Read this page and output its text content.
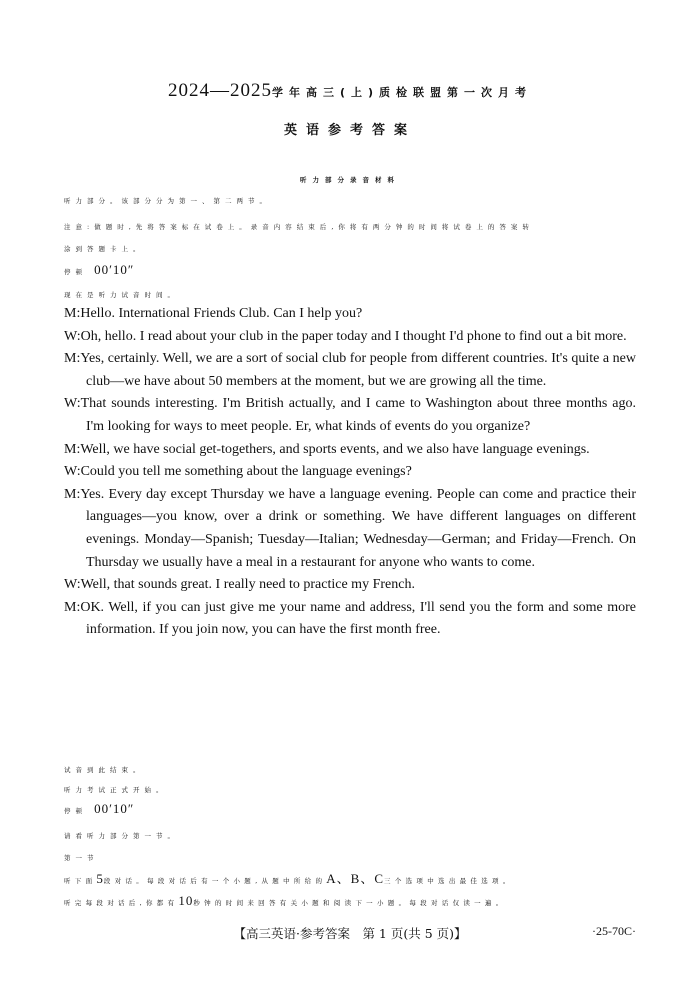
2024—2025学年高三(上)质检联盟第一次月考
英语参考答案
听力部分录音材料
听力部分。该部分分为第一、第二两节。
注意:做题时,先将答案标在试卷上。录音内容结束后,你将有两分钟的时间将试卷上的答案转
涂到答题卡上。
停顿 00′10″
现在是听力试音时间。

M:Hello. International Friends Club. Can I help you?

W:Oh, hello. I read about your club in the paper today and I thought I'd phone to find out a bit more.

M:Yes, certainly. Well, we are a sort of social club for people from different countries. It's quite a new club—we have about 50 members at the moment, but we are growing all the time.

W:That sounds interesting. I'm British actually, and I came to Washington about three months ago. I'm looking for ways to meet people. Er, what kinds of events do you organize?

M:Well, we have social get-togethers, and sports events, and we also have language evenings.

W:Could you tell me something about the language evenings?

M:Yes. Every day except Thursday we have a language evening. People can come and practice their languages—you know, over a drink or something. We have different languages on different evenings. Monday—Spanish; Tuesday—Italian; Wednesday—German; and Friday—French. On Thursday we usually have a meal in a restaurant for anyone who wants to come.

W:Well, that sounds great. I really need to practice my French.

M:OK. Well, if you can just give me your name and address, I'll send you the form and some more information. If you join now, you can have the first month free.

试音到此结束。
听力考试正式开始。
停顿 00′10″
请看听力部分第一节。
第一节
听下面5段对话。每段对话后有一个小题,从题中所给的A、B、C三个选项中选出最佳选项。
听完每段对话后,你都有10秒钟的时间来回答有关小题和阅读下一小题。每段对话仅读一遍。
【高三英语·参考答案　第 1 页(共 5 页)】	·25-70C·
